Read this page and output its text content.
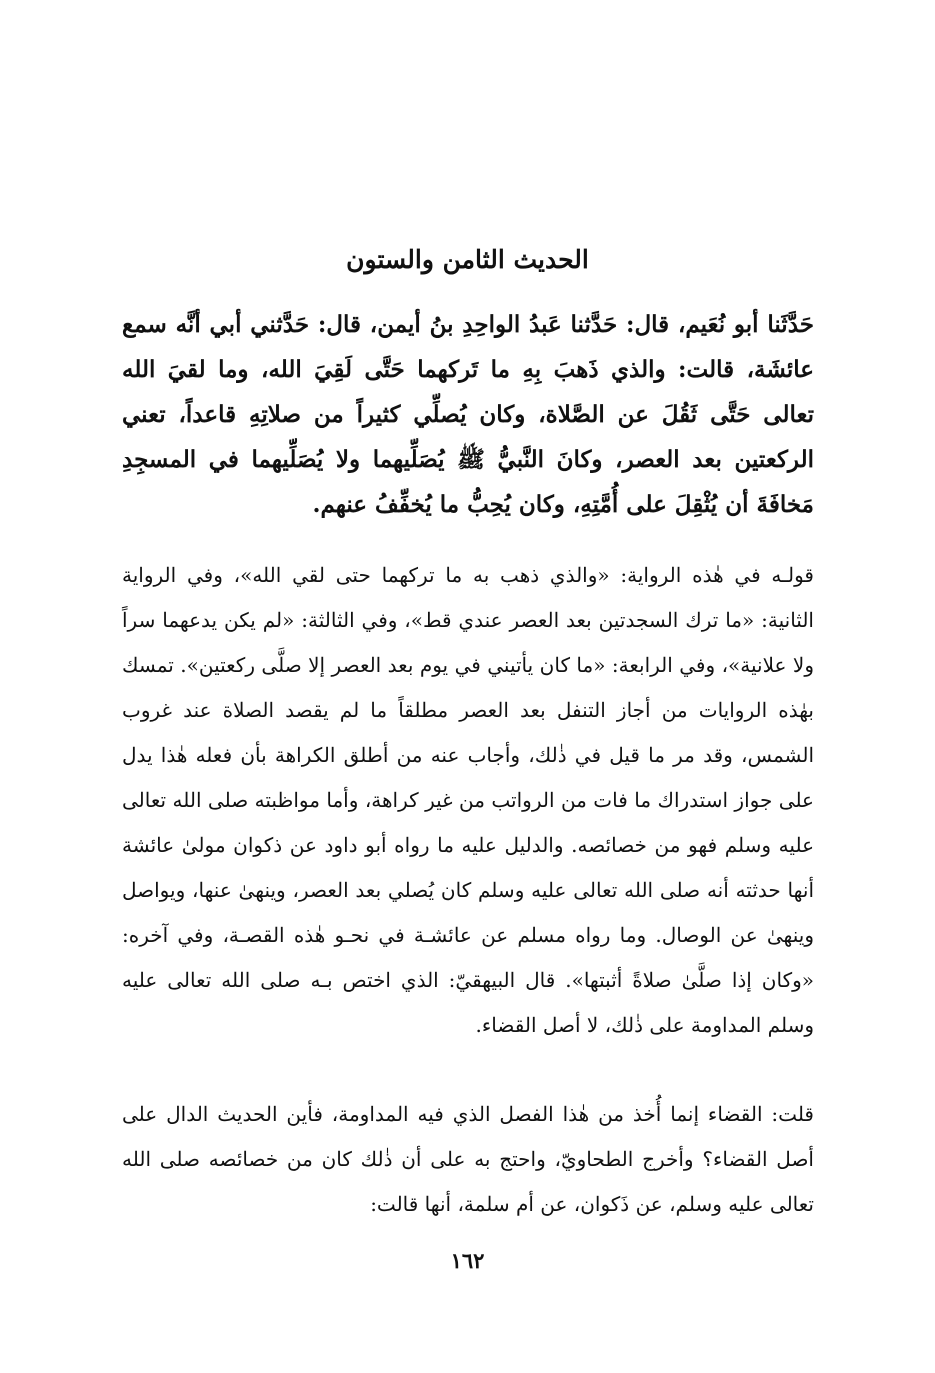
الحديث الثامن والستون
حَدَّثَنا أبو نُعَيم، قال: حَدَّثنا عَبدُ الواحِدِ بنُ أيمن، قال: حَدَّثني أبي أنَّه سمع عائشَة، قالت: والذي ذَهبَ بِهِ ما تَركهما حَتَّى لَقِيَ الله، وما لقيَ الله تعالى حَتَّى ثَقُلَ عن الصَّلاة، وكان يُصلِّي كثيراً من صلاتِهِ قاعداً، تعني الركعتين بعد العصر، وكانَ النَّبيُّ ﷺ يُصَلِّيهما ولا يُصَلِّيهما في المسجِدِ مَخافَةَ أن يُثْقِلَ على أُمَّتِهِ، وكان يُحِبُّ ما يُخفِّفُ عنهم.
قولـه في هٰذه الرواية: «والذي ذهب به ما تركهما حتى لقي الله»، وفي الرواية الثانية: «ما ترك السجدتين بعد العصر عندي قط»، وفي الثالثة: «لم يكن يدعهما سراً ولا علانية»، وفي الرابعة: «ما كان يأتيني في يوم بعد العصر إلا صلَّى ركعتين». تمسك بهٰذه الروايات من أجاز التنفل بعد العصر مطلقاً ما لم يقصد الصلاة عند غروب الشمس، وقد مر ما قيل في ذٰلك، وأجاب عنه من أطلق الكراهة بأن فعله هٰذا يدل على جواز استدراك ما فات من الرواتب من غير كراهة، وأما مواظبته صلى الله تعالى عليه وسلم فهو من خصائصه. والدليل عليه ما رواه أبو داود عن ذكوان مولىٰ عائشة أنها حدثته أنه صلى الله تعالى عليه وسلم كان يُصلي بعد العصر، وينهىٰ عنها، ويواصل وينهىٰ عن الوصال. وما رواه مسلم عن عائشـة في نحـو هٰذه القصـة، وفي آخره: «وكان إذا صلَّىٰ صلاةً أثبتها». قال البيهقيّ: الذي اختص بـه صلى الله تعالى عليه وسلم المداومة على ذٰلك، لا أصل القضاء.
قلت: القضاء إنما أُخذ من هٰذا الفصل الذي فيه المداومة، فأين الحديث الدال على أصل القضاء؟ وأخرج الطحاويّ، واحتج به على أن ذٰلك كان من خصائصه صلى الله تعالى عليه وسلم، عن ذَكوان، عن أم سلمة، أنها قالت:
١٦٢
